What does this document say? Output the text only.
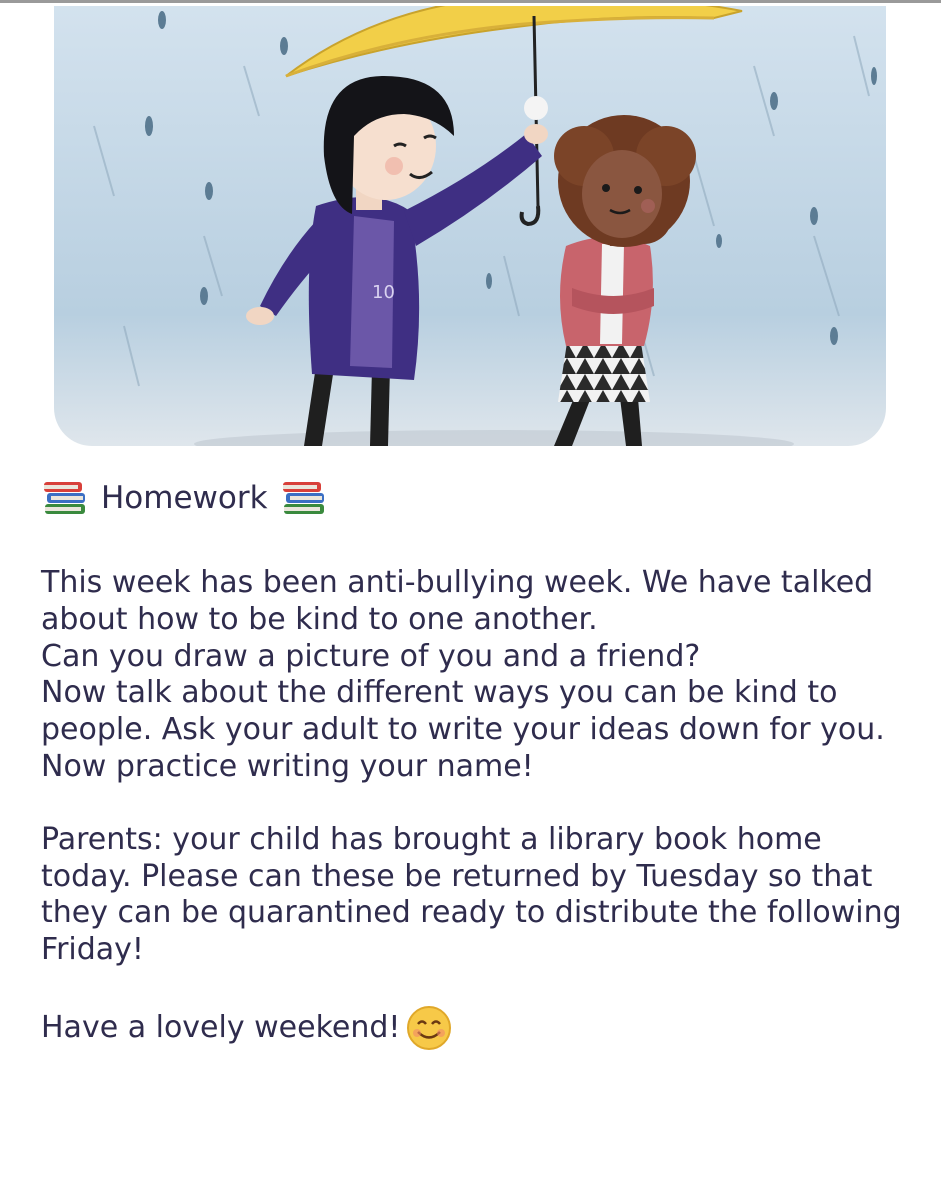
10
Homework

This week has been anti-bullying week. We have talked about how to be kind to one another.

Can you draw a picture of you and a friend?

Now talk about the different ways you can be kind to people. Ask your adult to write your ideas down for you.

Now practice writing your name!

Parents: your child has brought a library book home today. Please can these be returned by Tuesday so that they can be quarantined ready to distribute the following Friday!

Have a lovely weekend!
